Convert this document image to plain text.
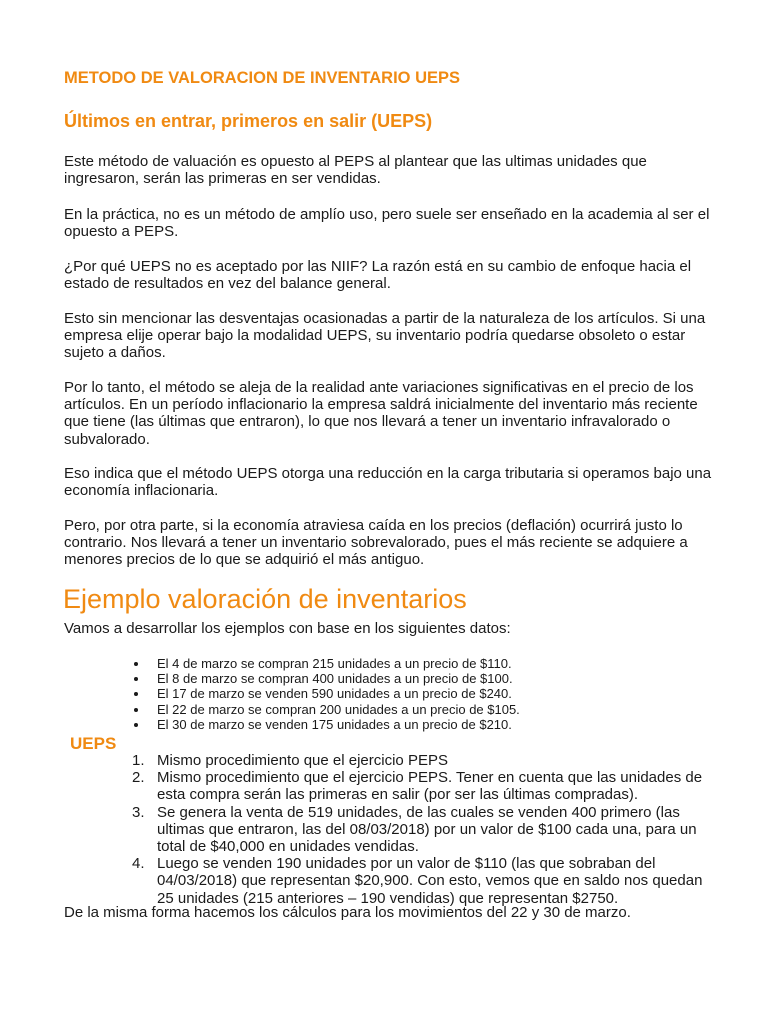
METODO DE VALORACION DE INVENTARIO UEPS
Últimos en entrar, primeros en salir (UEPS)

Este método de valuación es opuesto al PEPS al plantear que las ultimas unidades que ingresaron, serán las primeras en ser vendidas.

En la práctica, no es un método de amplío uso, pero suele ser enseñado en la academia al ser el opuesto a PEPS.

¿Por qué UEPS no es aceptado por las NIIF? La razón está en su cambio de enfoque hacia el estado de resultados en vez del balance general.

Esto sin mencionar las desventajas ocasionadas a partir de la naturaleza de los artículos. Si una empresa elije operar bajo la modalidad UEPS, su inventario podría quedarse obsoleto o estar sujeto a daños.

Por lo tanto, el método se aleja de la realidad ante variaciones significativas en el precio de los artículos. En un período inflacionario la empresa saldrá inicialmente del inventario más reciente que tiene (las últimas que entraron), lo que nos llevará a tener un inventario infravalorado o subvalorado.

Eso indica que el método UEPS otorga una reducción en la carga tributaria si operamos bajo una economía inflacionaria.

Pero, por otra parte, si la economía atraviesa caída en los precios (deflación) ocurrirá justo lo contrario. Nos llevará a tener un inventario sobrevalorado, pues el más reciente se adquiere a menores precios de lo que se adquirió el más antiguo.

Ejemplo valoración de inventarios

Vamos a desarrollar los ejemplos con base en los siguientes datos:

El 4 de marzo se compran 215 unidades a un precio de $110.
El 8 de marzo se compran 400 unidades a un precio de $100.
El 17 de marzo se venden 590 unidades a un precio de $240.
El 22 de marzo se compran 200 unidades a un precio de $105.
El 30 de marzo se venden 175 unidades a un precio de $210.
UEPS
1. Mismo procedimiento que el ejercicio PEPS
2. Mismo procedimiento que el ejercicio PEPS. Tener en cuenta que las unidades de esta compra serán las primeras en salir (por ser las últimas compradas).
3. Se genera la venta de 519 unidades, de las cuales se venden 400 primero (las ultimas que entraron, las del 08/03/2018) por un valor de $100 cada una, para un total de $40,000 en unidades vendidas.
4. Luego se venden 190 unidades por un valor de $110 (las que sobraban del 04/03/2018) que representan $20,900. Con esto, vemos que en saldo nos quedan 25 unidades (215 anteriores – 190 vendidas) que representan $2750.

De la misma forma hacemos los cálculos para los movimientos del 22 y 30 de marzo.
